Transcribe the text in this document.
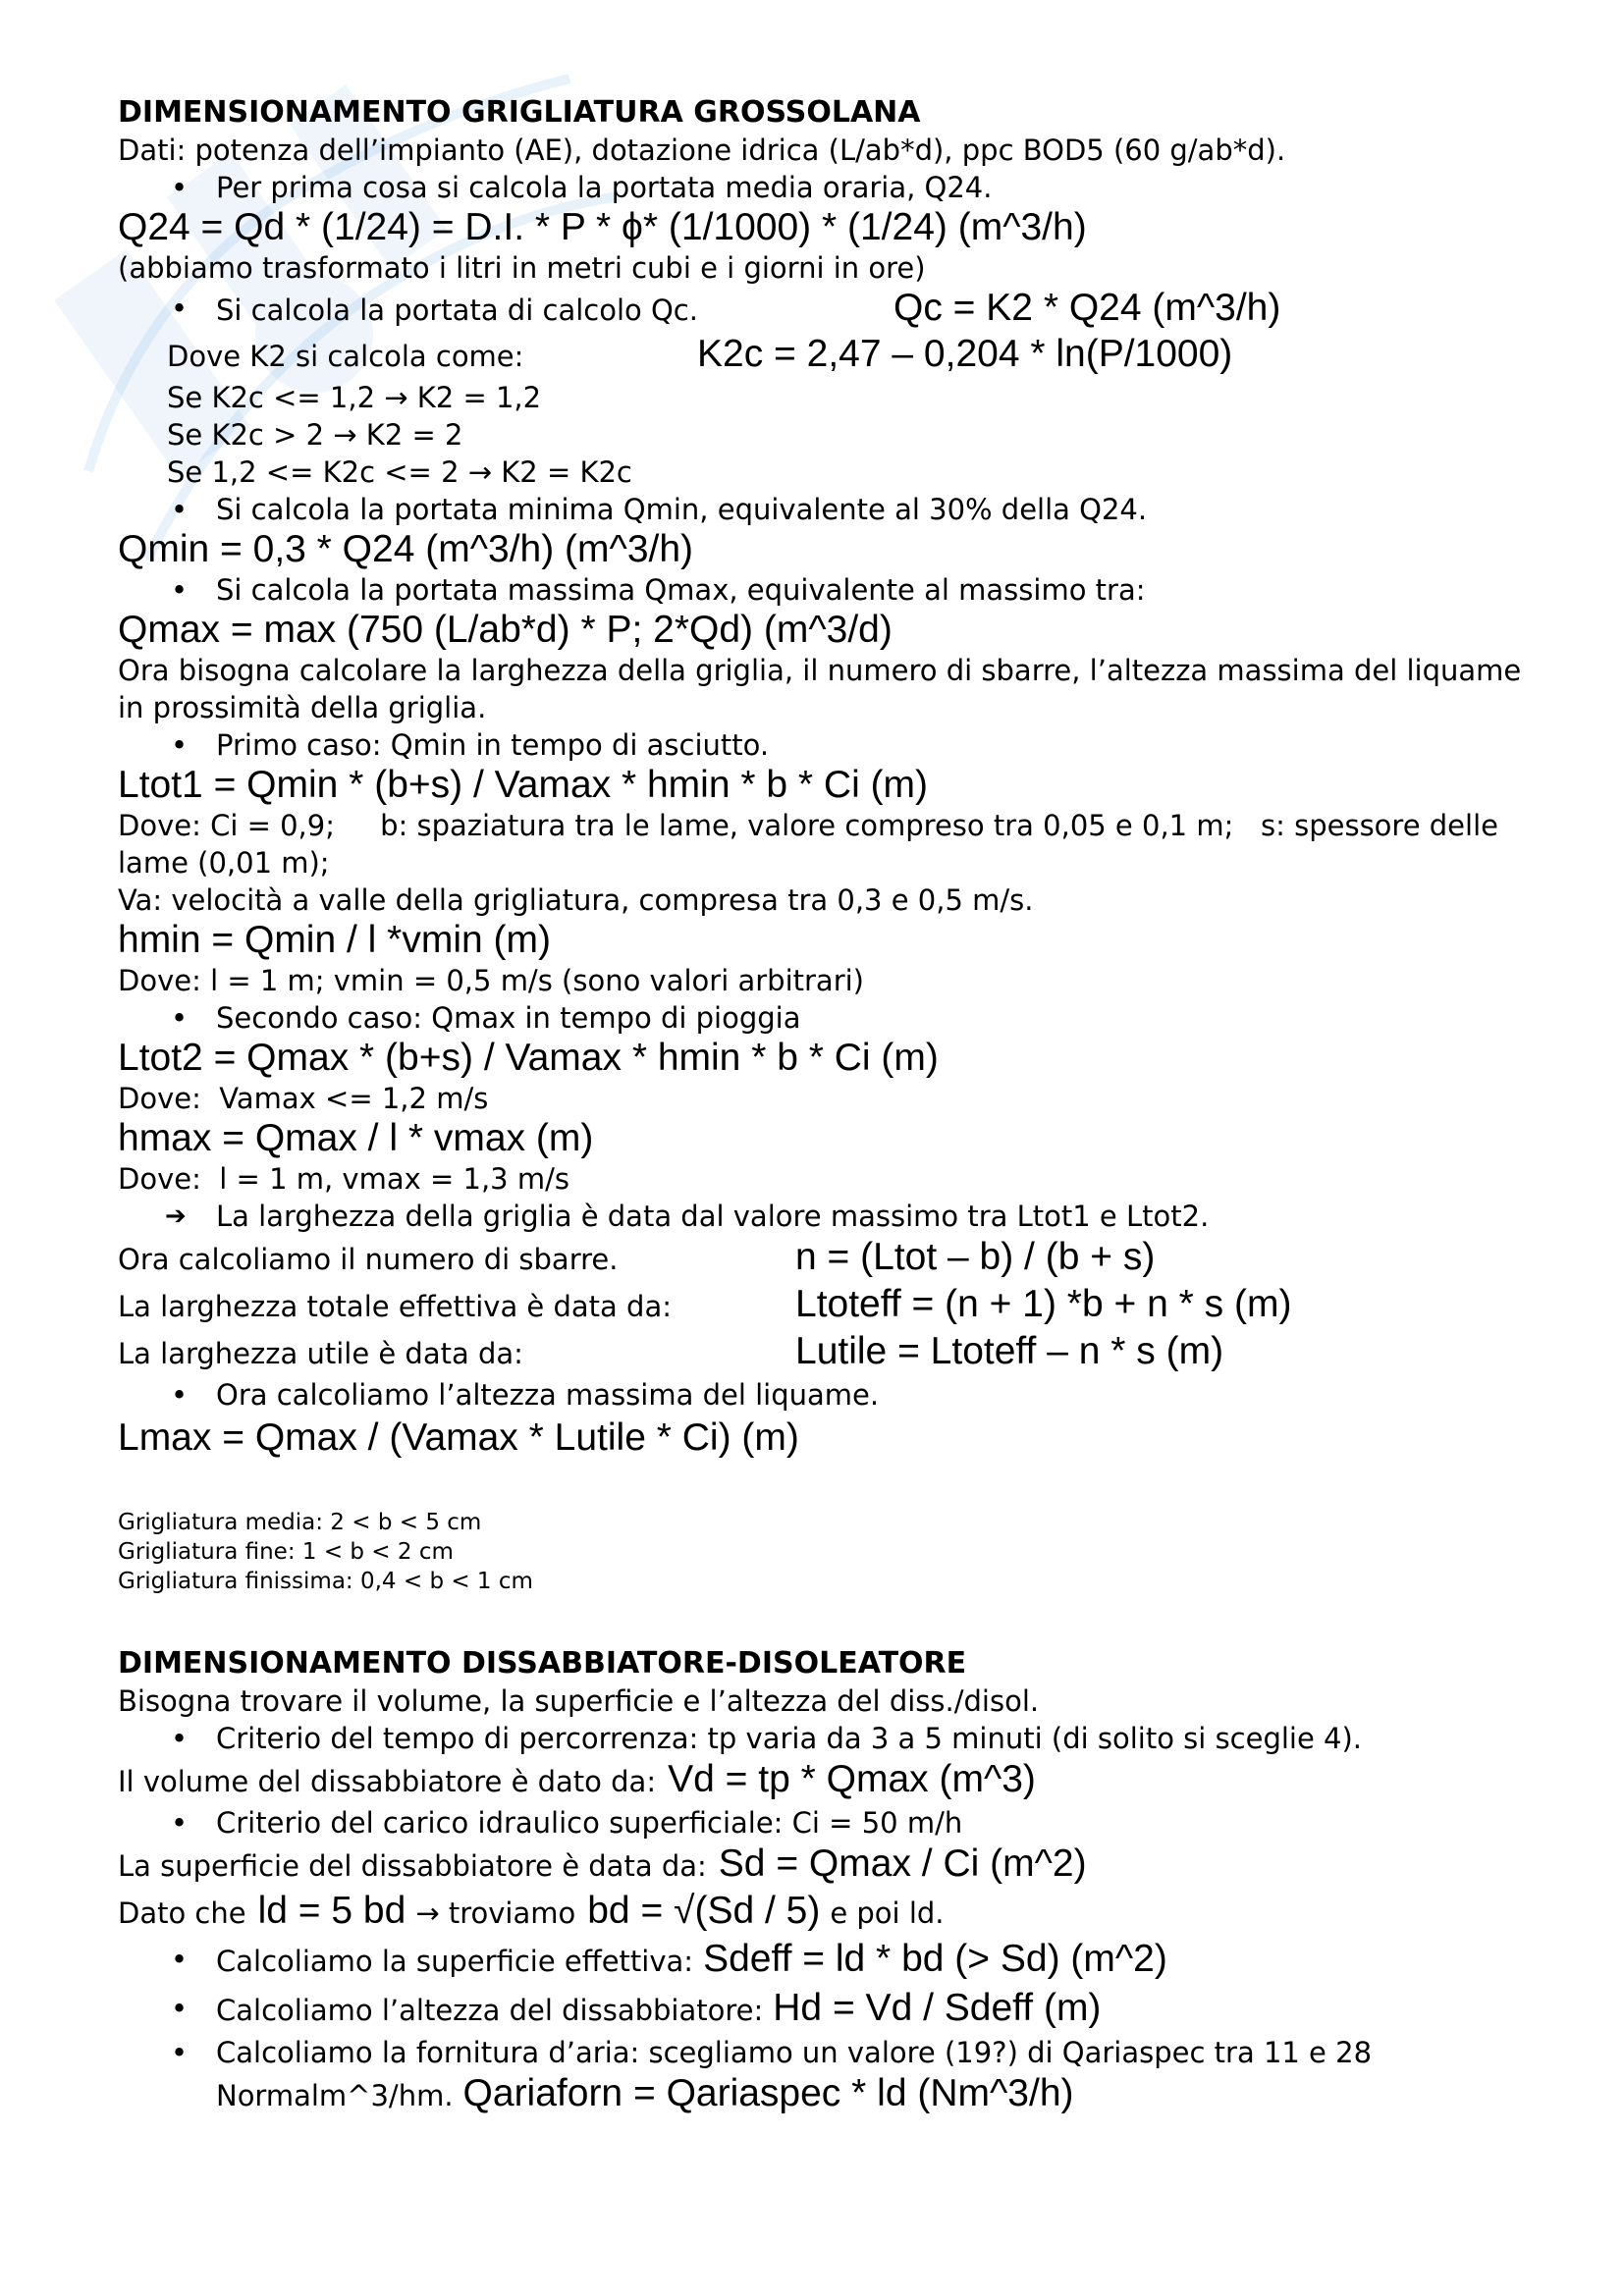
DIMENSIONAMENTO GRIGLIATURA GROSSOLANA

Dati: potenza dell’impianto (AE), dotazione idrica (L/ab*d), ppc BOD5 (60 g/ab*d).

• Per prima cosa si calcola la portata media oraria, Q24.

Q24 = Qd * (1/24) = D.I. * P * ϕ* (1/1000) * (1/24) (m^3/h)

(abbiamo trasformato i litri in metri cubi e i giorni in ore)

• Si calcola la portata di calcolo Qc.	Qc = K2 * Q24 (m^3/h)
Dove K2 si calcola come:	K2c = 2,47 – 0,204 * ln(P/1000)

Se K2c <= 1,2 → K2 = 1,2

Se K2c > 2 → K2 = 2

Se 1,2 <= K2c <= 2 → K2 = K2c

• Si calcola la portata minima Qmin, equivalente al 30% della Q24.

Qmin = 0,3 * Q24 (m^3/h) (m^3/h)

• Si calcola la portata massima Qmax, equivalente al massimo tra:

Qmax = max (750 (L/ab*d) * P; 2*Qd) (m^3/d)

Ora bisogna calcolare la larghezza della griglia, il numero di sbarre, l’altezza massima del liquame in prossimità della griglia.

• Primo caso: Qmin in tempo di asciutto.

Ltot1 = Qmin * (b+s) / Vamax * hmin * b * Ci (m)

Dove: Ci = 0,9;     b: spaziatura tra le lame, valore compreso tra 0,05 e 0,1 m;   s: spessore delle lame (0,01 m);

Va: velocità a valle della grigliatura, compresa tra 0,3 e 0,5 m/s.

hmin = Qmin / l *vmin (m)

Dove: l = 1 m; vmin = 0,5 m/s (sono valori arbitrari)

• Secondo caso: Qmax in tempo di pioggia

Ltot2 = Qmax * (b+s) / Vamax * hmin * b * Ci (m)

Dove:  Vamax <= 1,2 m/s

hmax = Qmax / l * vmax (m)

Dove:  l = 1 m, vmax = 1,3 m/s

➔ La larghezza della griglia è data dal valore massimo tra Ltot1 e Ltot2.

Ora calcoliamo il numero di sbarre.	n = (Ltot – b) / (b + s)
La larghezza totale effettiva è data da:	Ltoteff = (n + 1) *b + n * s (m)
La larghezza utile è data da:	Lutile = Ltoteff – n * s (m)

• Ora calcoliamo l’altezza massima del liquame.

Lmax = Qmax / (Vamax * Lutile * Ci) (m)

Grigliatura media: 2 < b < 5 cm

Grigliatura fine: 1 < b < 2 cm

Grigliatura finissima: 0,4 < b < 1 cm

DIMENSIONAMENTO DISSABBIATORE-DISOLEATORE

Bisogna trovare il volume, la superficie e l’altezza del diss./disol.

• Criterio del tempo di percorrenza: tp varia da 3 a 5 minuti (di solito si sceglie 4).

Il volume del dissabbiatore è dato da: Vd = tp * Qmax (m^3)

• Criterio del carico idraulico superficiale: Ci = 50 m/h

La superficie del dissabbiatore è data da: Sd = Qmax / Ci (m^2)
Dato che ld = 5 bd → troviamo bd = √(Sd / 5) e poi ld.
• Calcoliamo la superficie effettiva: Sdeff = ld * bd (> Sd) (m^2)
• Calcoliamo l’altezza del dissabbiatore: Hd = Vd / Sdeff (m)

• Calcoliamo la fornitura d’aria: scegliamo un valore (19?) di Qariaspec tra 11 e 28

Normalm^3/hm. Qariaforn = Qariaspec * ld (Nm^3/h)
